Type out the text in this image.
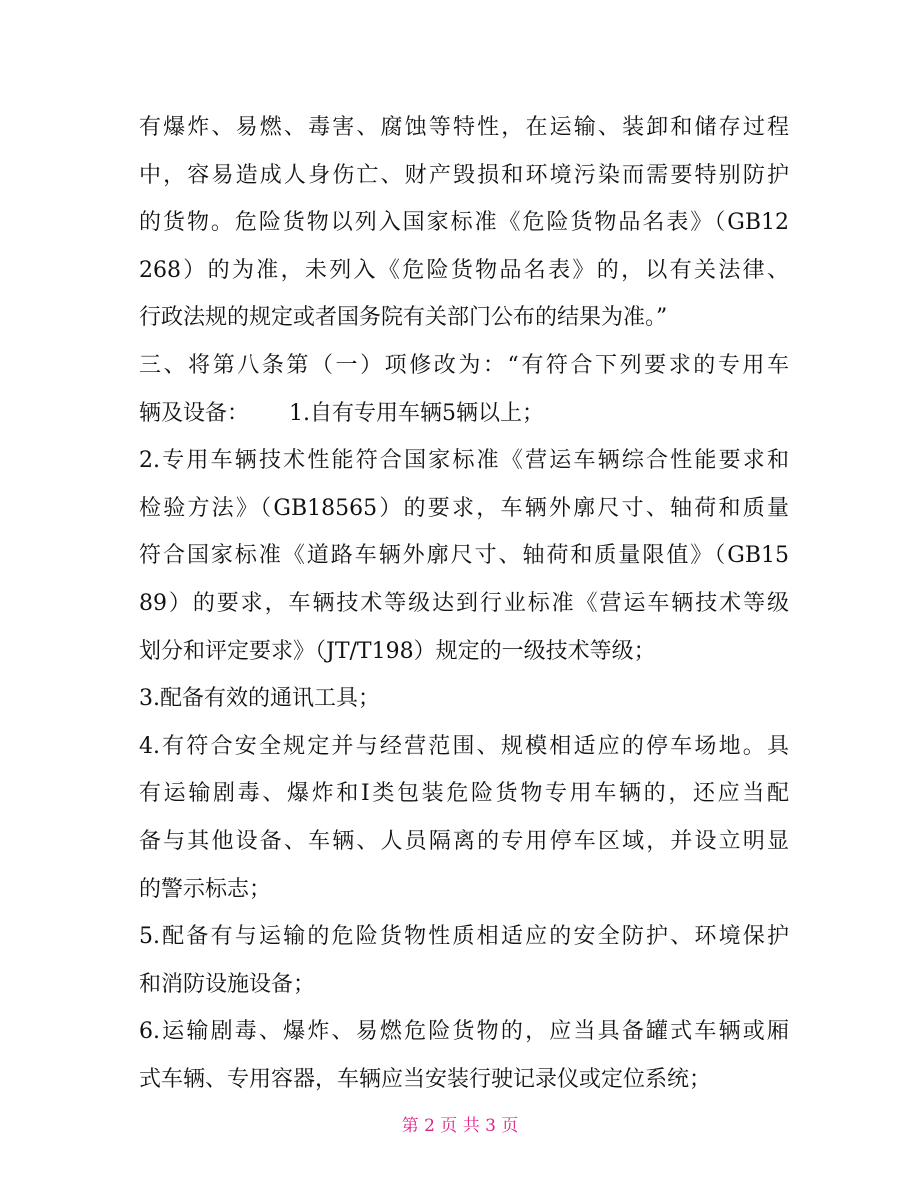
有爆炸、易燃、毒害、腐蚀等特性，在运输、装卸和储存过程
中，容易造成人身伤亡、财产毁损和环境污染而需要特别防护
的货物。危险货物以列入国家标准《危险货物品名表》（GB12
268）的为准，未列入《危险货物品名表》的，以有关法律、
行政法规的规定或者国务院有关部门公布的结果为准。”
三、将第八条第（一）项修改为：“有符合下列要求的专用车
辆及设备：　　 1.自有专用车辆5辆以上；
2.专用车辆技术性能符合国家标准《营运车辆综合性能要求和
检验方法》（GB18565）的要求，车辆外廓尺寸、轴荷和质量
符合国家标准《道路车辆外廓尺寸、轴荷和质量限值》（GB15
89）的要求，车辆技术等级达到行业标准《营运车辆技术等级
划分和评定要求》（JT/T198）规定的一级技术等级；
3.配备有效的通讯工具；
4.有符合安全规定并与经营范围、规模相适应的停车场地。具
有运输剧毒、爆炸和I类包装危险货物专用车辆的，还应当配
备与其他设备、车辆、人员隔离的专用停车区域，并设立明显
的警示标志；
5.配备有与运输的危险货物性质相适应的安全防护、环境保护
和消防设施设备；
6.运输剧毒、爆炸、易燃危险货物的，应当具备罐式车辆或厢
式车辆、专用容器，车辆应当安装行驶记录仪或定位系统；
第 2 页 共 3 页
